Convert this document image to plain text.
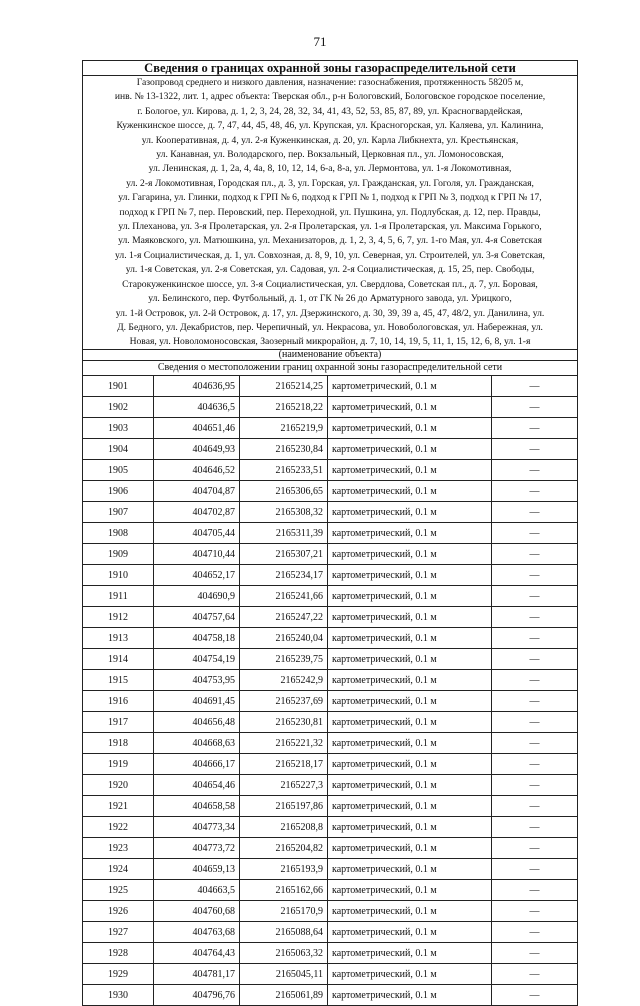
71
Сведения о границах охранной зоны газораспределительной сети
Газопровод среднего и низкого давления, назначение: газоснабжения, протяженность 58205 м,
инв. № 13-1322, лит. 1, адрес объекта: Тверская обл., р-н Бологовский, Бологовское городское поселение,
г. Бологое, ул. Кирова, д. 1, 2, 3, 24, 28, 32, 34, 41, 43, 52, 53, 85, 87, 89, ул. Красногвардейская,
Куженкинское шоссе, д. 7, 47, 44, 45, 48, 46, ул. Крупская, ул. Красногорская, ул. Каляева, ул. Калинина,
ул. Кооперативная, д. 4, ул. 2-я Куженкинская, д. 20, ул. Карла Либкнехта, ул. Крестьянская,
ул. Канавная, ул. Володарского, пер. Вокзальный, Церковная пл., ул. Ломоносовская,
ул. Ленинская, д. 1, 2а, 4, 4а, 8, 10, 12, 14, 6-а, 8-а, ул. Лермонтова, ул. 1-я Локомотивная,
ул. 2-я Локомотивная, Городская пл., д. 3, ул. Горская, ул. Гражданская, ул. Гоголя, ул. Гражданская,
ул. Гагарина, ул. Глинки, подход к ГРП № 6, подход к ГРП № 1, подход к ГРП № 3, подход к ГРП № 17,
подход к ГРП № 7, пер. Перовский, пер. Переходной, ул. Пушкина, ул. Подлубская, д. 12, пер. Правды,
ул. Плеханова, ул. 3-я Пролетарская, ул. 2-я Пролетарская, ул. 1-я Пролетарская, ул. Максима Горького,
ул. Маяковского, ул. Матюшкина, ул. Механизаторов, д. 1, 2, 3, 4, 5, 6, 7, ул. 1-го Мая, ул. 4-я Советская
ул. 1-я Социалистическая, д. 1, ул. Совхозная, д. 8, 9, 10, ул. Северная, ул. Строителей, ул. 3-я Советская,
ул. 1-я Советская, ул. 2-я Советская, ул. Садовая, ул. 2-я Социалистическая, д. 15, 25, пер. Свободы,
Старокуженкинское шоссе, ул. 3-я Социалистическая, ул. Свердлова, Советская пл., д. 7, ул. Боровая,
ул. Белинского, пер. Футбольный, д. 1, от ГК № 26 до Арматурного завода, ул. Урицкого,
ул. 1-й Островок, ул. 2-й Островок, д. 17, ул. Дзержинского, д. 30, 39, 39 а, 45, 47, 48/2, ул. Данилина, ул.
Д. Бедного, ул. Декабристов, пер. Черепичный, ул. Некрасова, ул. Новобологовская, ул. Набережная, ул.
Новая, ул. Новоломоносовская, Заозерный микрорайон, д. 7, 10, 14, 19, 5, 11, 1, 15, 12, 6, 8, ул. 1-я
(наименование объекта)
Сведения о местоположении границ охранной зоны газораспределительной сети
1901	404636,95	2165214,25	картометрический, 0.1 м	—
1902	404636,5	2165218,22	картометрический, 0.1 м	—
1903	404651,46	2165219,9	картометрический, 0.1 м	—
1904	404649,93	2165230,84	картометрический, 0.1 м	—
1905	404646,52	2165233,51	картометрический, 0.1 м	—
1906	404704,87	2165306,65	картометрический, 0.1 м	—
1907	404702,87	2165308,32	картометрический, 0.1 м	—
1908	404705,44	2165311,39	картометрический, 0.1 м	—
1909	404710,44	2165307,21	картометрический, 0.1 м	—
1910	404652,17	2165234,17	картометрический, 0.1 м	—
1911	404690,9	2165241,66	картометрический, 0.1 м	—
1912	404757,64	2165247,22	картометрический, 0.1 м	—
1913	404758,18	2165240,04	картометрический, 0.1 м	—
1914	404754,19	2165239,75	картометрический, 0.1 м	—
1915	404753,95	2165242,9	картометрический, 0.1 м	—
1916	404691,45	2165237,69	картометрический, 0.1 м	—
1917	404656,48	2165230,81	картометрический, 0.1 м	—
1918	404668,63	2165221,32	картометрический, 0.1 м	—
1919	404666,17	2165218,17	картометрический, 0.1 м	—
1920	404654,46	2165227,3	картометрический, 0.1 м	—
1921	404658,58	2165197,86	картометрический, 0.1 м	—
1922	404773,34	2165208,8	картометрический, 0.1 м	—
1923	404773,72	2165204,82	картометрический, 0.1 м	—
1924	404659,13	2165193,9	картометрический, 0.1 м	—
1925	404663,5	2165162,66	картометрический, 0.1 м	—
1926	404760,68	2165170,9	картометрический, 0.1 м	—
1927	404763,68	2165088,64	картометрический, 0.1 м	—
1928	404764,43	2165063,32	картометрический, 0.1 м	—
1929	404781,17	2165045,11	картометрический, 0.1 м	—
1930	404796,76	2165061,89	картометрический, 0.1 м	—
